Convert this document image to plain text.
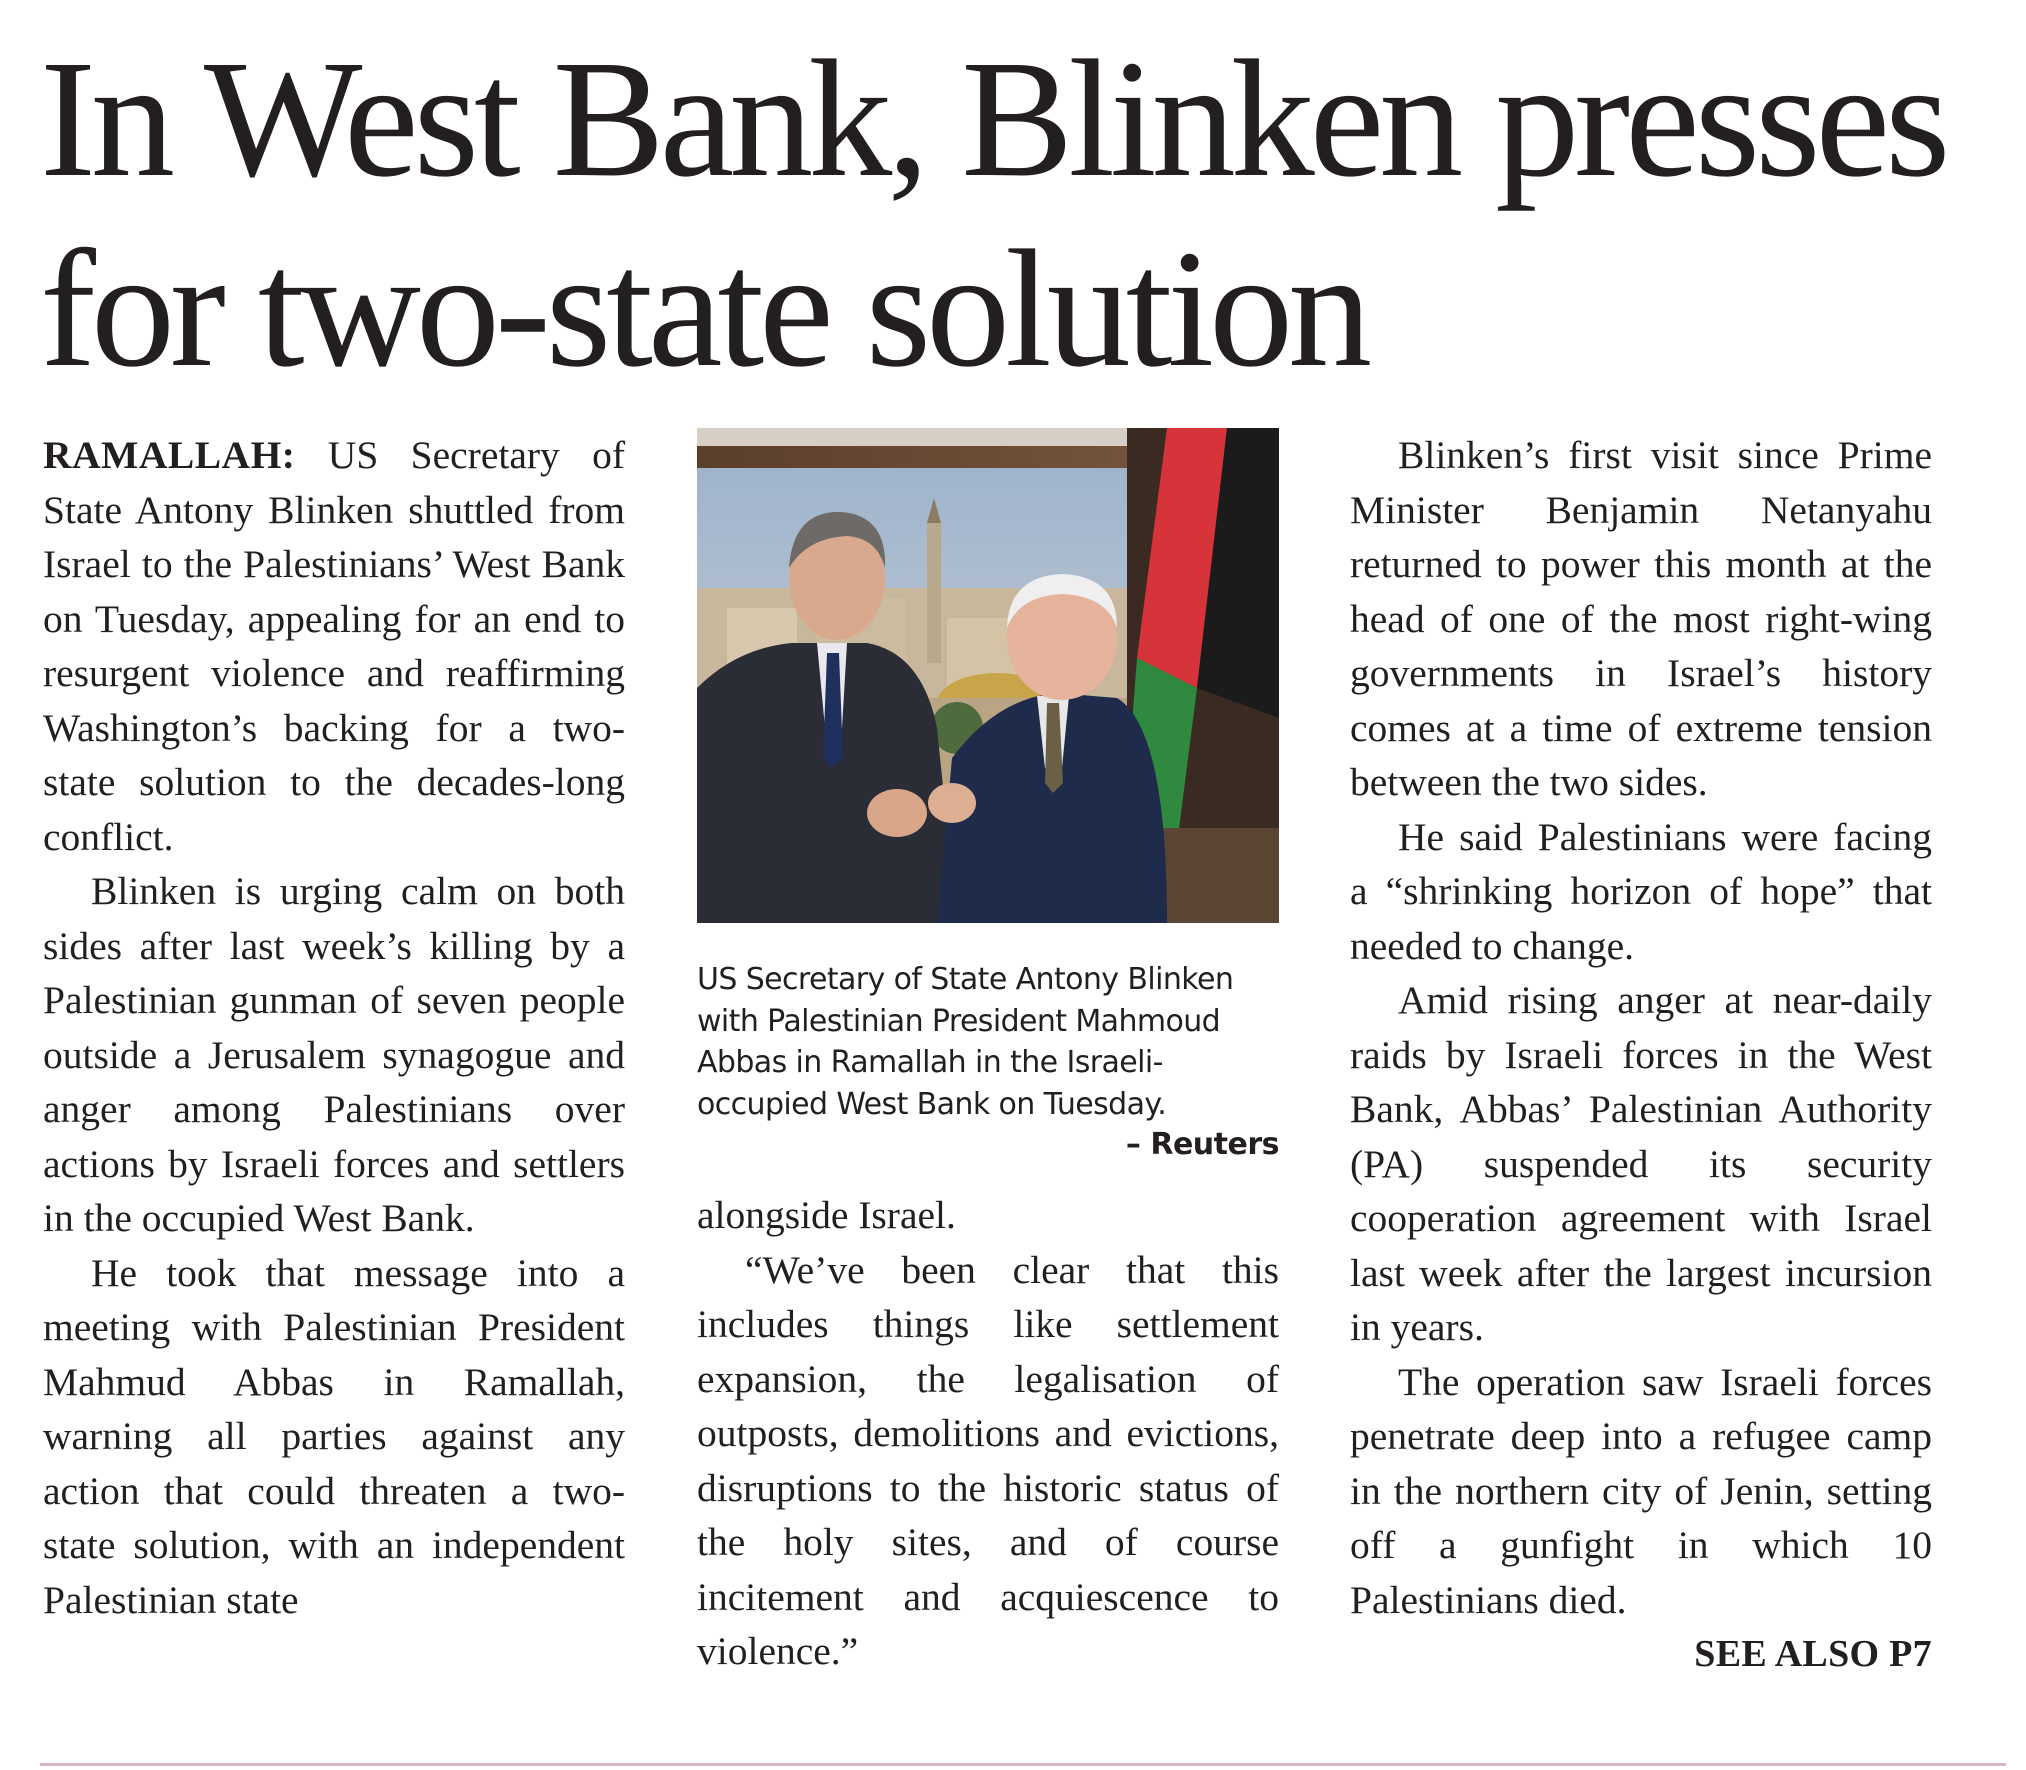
In West Bank, Blinken presses
for two-state solution

RAMALLAH: US Secretary of State Antony Blinken shuttled from Israel to the Palestinians’ West Bank on Tuesday, appealing for an end to resurgent violence and reaffirming Washington’s backing for a two-state solution to the decades-long conflict.

Blinken is urging calm on both sides after last week’s killing by a Palestinian gunman of seven people outside a Jerusalem synagogue and anger among Palestinians over actions by Israeli forces and settlers in the occupied West Bank.

He took that message into a meeting with Palestinian President Mahmud Abbas in Ramallah, warning all parties against any action that could threaten a two-state solution, with an independent Palestinian state

US Secretary of State Antony Blinken with Palestinian President Mahmoud Abbas in Ramallah in the Israeli-occupied West Bank on Tuesday.
– Reuters

alongside Israel.

“We’ve been clear that this includes things like settlement expansion, the legalisation of outposts, demolitions and evictions, disruptions to the historic status of the holy sites, and of course incitement and acquiescence to violence.”

Blinken’s first visit since Prime Minister Benjamin Netanyahu returned to power this month at the head of one of the most right-wing governments in Israel’s history comes at a time of extreme tension between the two sides.

He said Palestinians were facing a “shrinking horizon of hope” that needed to change.

Amid rising anger at near-daily raids by Israeli forces in the West Bank, Abbas’ Palestinian Authority (PA) suspended its security cooperation agreement with Israel last week after the largest incursion in years.

The operation saw Israeli forces penetrate deep into a refugee camp in the northern city of Jenin, setting off a gunfight in which 10 Palestinians died.

SEE ALSO P7
